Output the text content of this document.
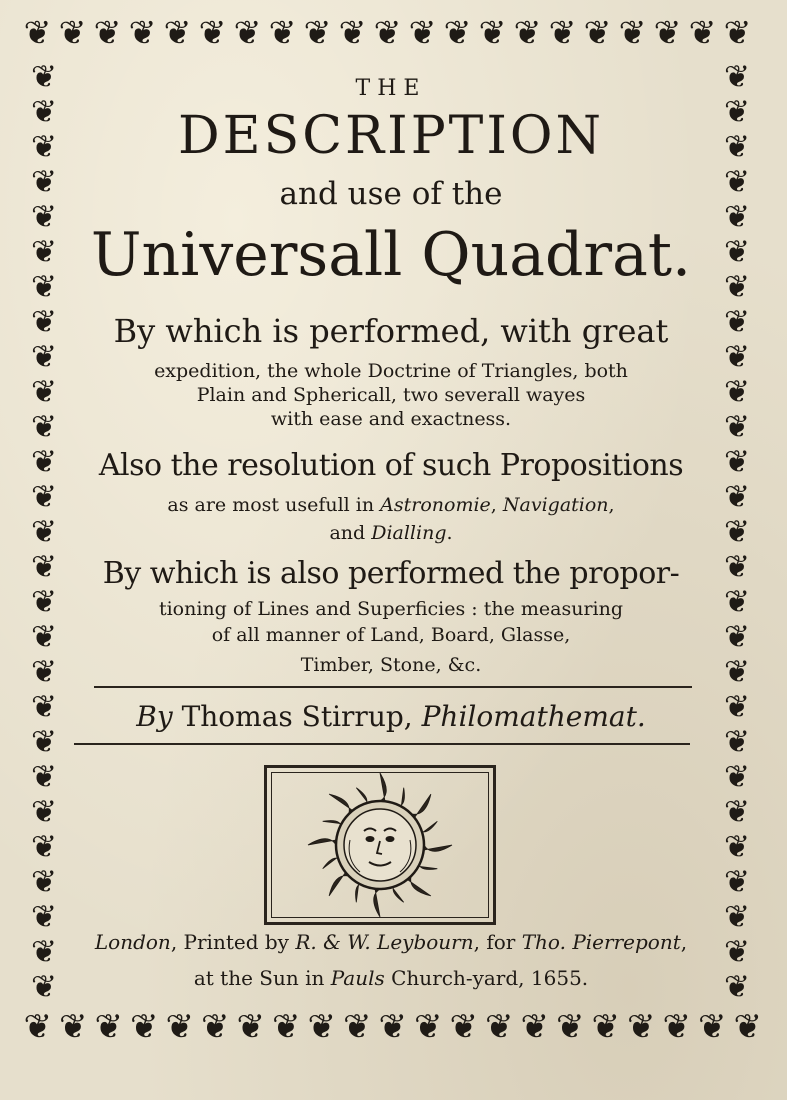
❦ ❦ ❦ ❦ ❦ ❦ ❦ ❦ ❦ ❦ ❦ ❦ ❦ ❦ ❦ ❦ ❦ ❦ ❦ ❦ ❦
❦
❦
❦
❦
❦
❦
❦
❦
❦
❦
❦
❦
❦
❦
❦
❦
❦
❦
❦
❦
❦
❦
❦
❦
❦
❦
❦
❦
❦
❦
❦
❦
❦
❦
❦
❦
❦
❦
❦
❦
❦
❦
❦
❦
❦
❦
❦
❦
❦
❦
❦
❦
❦
❦
❦ ❦ ❦ ❦ ❦ ❦ ❦ ❦ ❦ ❦ ❦ ❦ ❦ ❦ ❦ ❦ ❦ ❦ ❦ ❦ ❦
THE
DESCRIPTION
and use of the
Universall Quadrat.
By which is performed, with great
expedition, the whole Doctrine of Triangles, both
Plain and Sphericall, two severall wayes
with ease and exactness.
Also the resolution of such Propositions
as are most usefull in Astronomie, Navigation,
and Dialling.
By which is also performed the propor-
tioning of Lines and Superficies : the measuring
of all manner of Land, Board, Glasse,
Timber, Stone, &c.
By Thomas Stirrup, Philomathemat.
London, Printed by R. & W. Leybourn, for Tho. Pierrepont,
at the Sun in Pauls Church-yard, 1655.
